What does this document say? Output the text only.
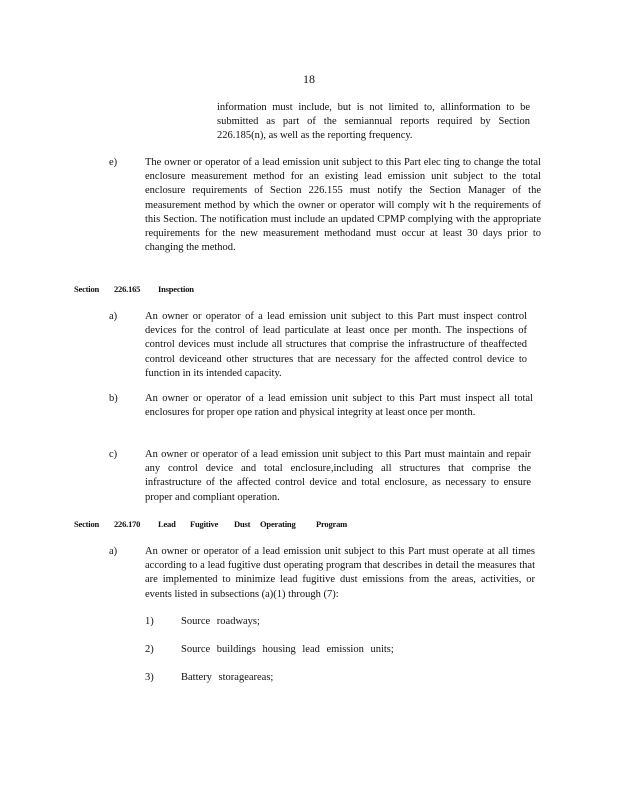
18
information must include, but is not limited to, allinformation to be submitted as part of the semiannual reports required by Section 226.185(n), as well as the reporting frequency.
e)	The owner or operator of a lead emission unit subject to this Part elec ting to change the total enclosure measurement method for an existing lead emission unit subject to the total enclosure requirements of Section 226.155 must notify the Section Manager of the measurement method by which the owner or operator will comply wit h the requirements of this Section. The notification must include an updated CPMP complying with the appropriate requirements for the new measurement methodand must occur at least 30 days prior to changing the method.
Section 226.165 Inspection
a)	An owner or operator of a lead emission unit subject to this Part must inspect control devices for the control of lead particulate at least once per month. The inspections of control devices must include all structures that comprise the infrastructure of theaffected control deviceand other structures that are necessary for the affected control device to function in its intended capacity.
b)	An owner or operator of a lead emission unit subject to this Part must inspect all total enclosures for proper ope ration and physical integrity at least once per month.
c)	An owner or operator of a lead emission unit subject to this Part must maintain and repair any control device and total enclosure,including all structures that comprise the infrastructure of the affected control device and total enclosure, as necessary to ensure proper and compliant operation.
Section 226.170 Lead Fugitive Dust Operating Program
a)	An owner or operator of a lead emission unit subject to this Part must operate at all times according to a lead fugitive dust operating program that describes in detail the measures that are implemented to minimize lead fugitive dust emissions from the areas, activities, or events listed in subsections (a)(1) through (7):
1)	Source roadways;
2)	Source buildings housing lead emission units;
3)	Battery storageareas;
